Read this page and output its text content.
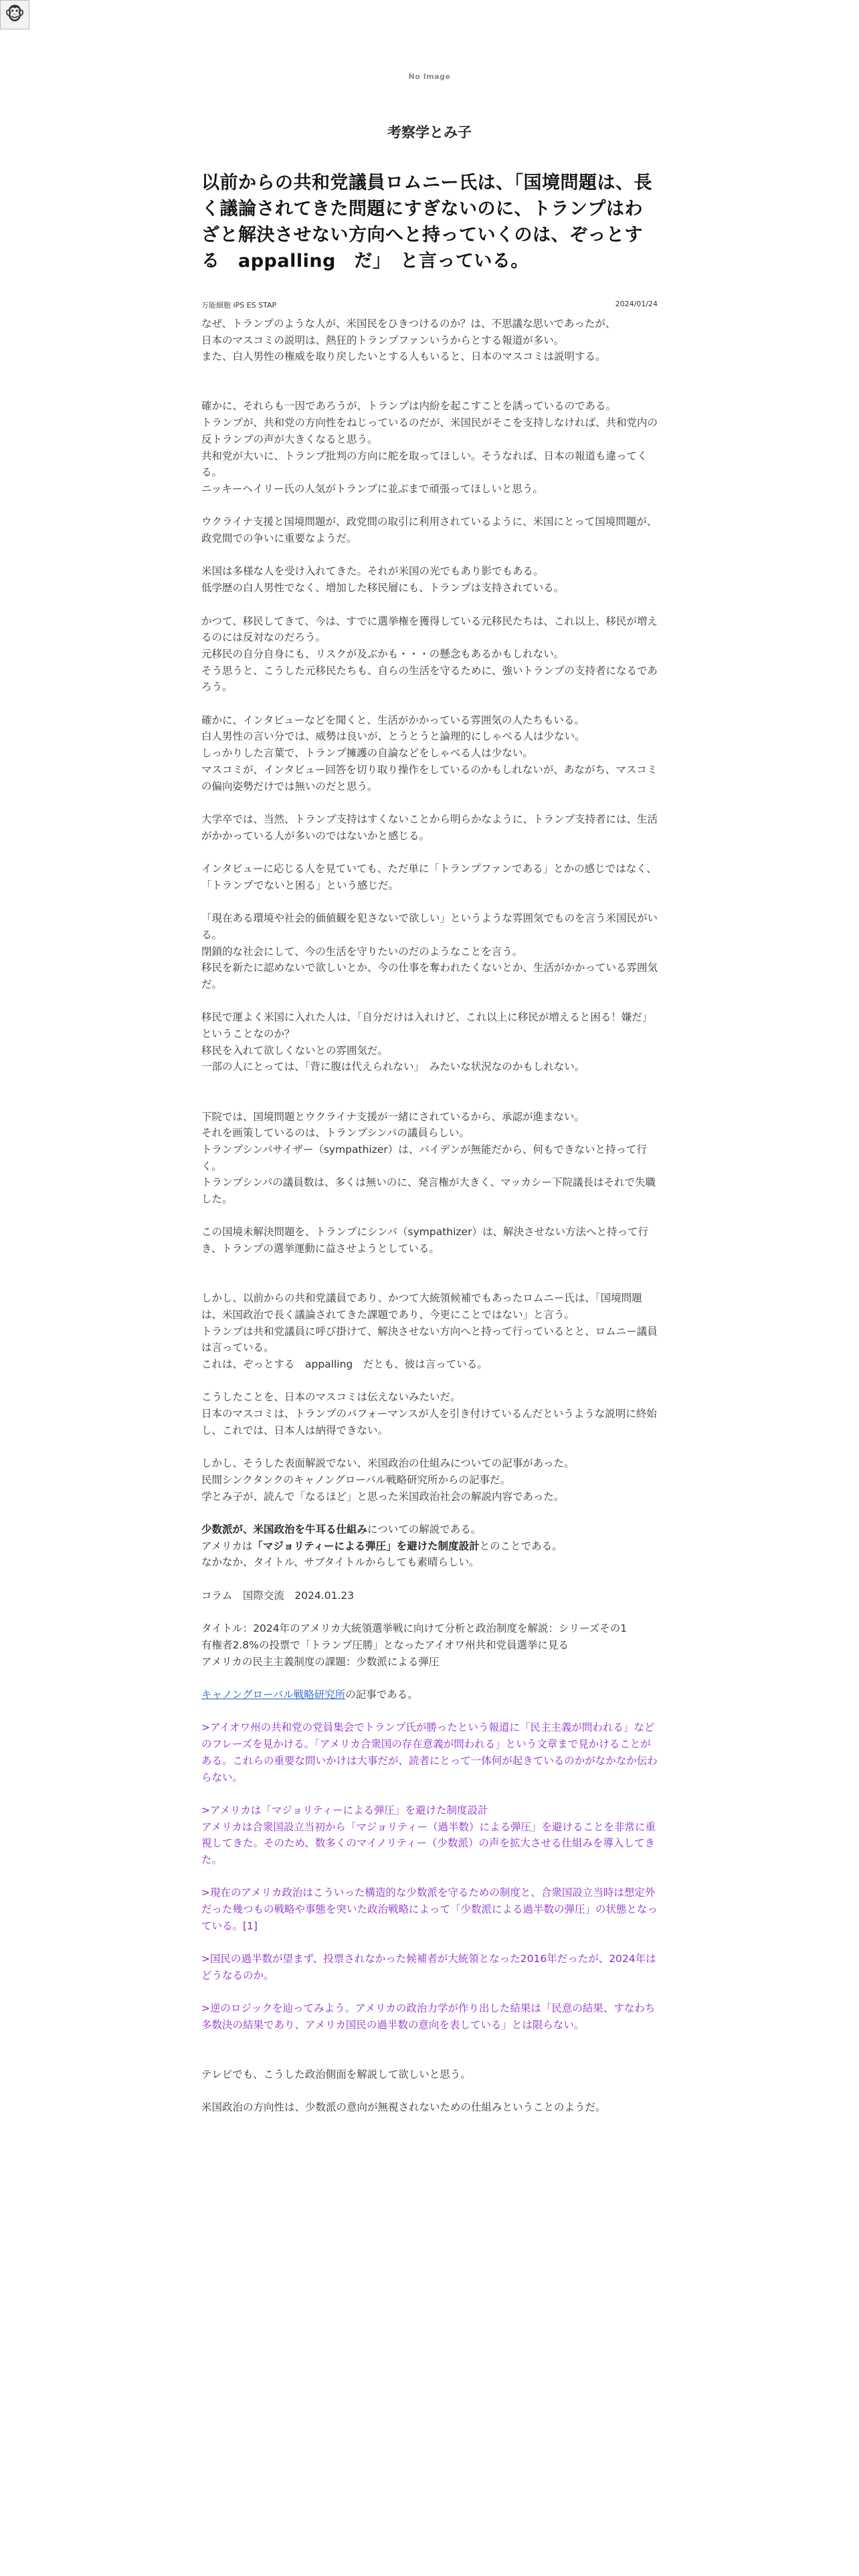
🐵
No Image
考察学とみ子
以前からの共和党議員ロムニー氏は、「国境問題は、長く議論されてきた問題にすぎないのに、トランプはわざと解決させない方向へと持っていくのは、ぞっとする　appalling　だ」　と言っている。
万能細胞 iPS ES STAP	2024/01/24

なぜ、トランプのような人が、米国民をひきつけるのか？は、不思議な思いであったが、

日本のマスコミの説明は、熱狂的トランプファンいうからとする報道が多い。

また、白人男性の権威を取り戻したいとする人もいると、日本のマスコミは説明する。

確かに、それらも一因であろうが、トランプは内紛を起こすことを誘っているのである。

トランプが、共和党の方向性をねじっているのだが、米国民がそこを支持しなければ、共和党内の反トランプの声が大きくなると思う。

共和党が大いに、トランプ批判の方向に舵を取ってほしい。そうなれば、日本の報道も違ってくる。

ニッキーヘイリー氏の人気がトランプに並ぶまで頑張ってほしいと思う。

ウクライナ支援と国境問題が、政党間の取引に利用されているように、米国にとって国境問題が、政党間での争いに重要なようだ。

米国は多様な人を受け入れてきた。それが米国の光でもあり影でもある。

低学歴の白人男性でなく、増加した移民層にも、トランプは支持されている。

かつて、移民してきて、今は、すでに選挙権を獲得している元移民たちは、これ以上、移民が増えるのには反対なのだろう。

元移民の自分自身にも、リスクが及ぶかも・・・の懸念もあるかもしれない。

そう思うと、こうした元移民たちも、自らの生活を守るために、強いトランプの支持者になるであろう。

確かに、インタビューなどを聞くと、生活がかかっている雰囲気の人たちもいる。

白人男性の言い分では、威勢は良いが、とうとうと論理的にしゃべる人は少ない。

しっかりした言葉で、トランプ擁護の自論などをしゃべる人は少ない。

マスコミが、インタビュー回答を切り取り操作をしているのかもしれないが、あながち、マスコミの偏向姿勢だけでは無いのだと思う。

大学卒では、当然、トランプ支持はすくないことから明らかなように、トランプ支持者には、生活がかかっている人が多いのではないかと感じる。

インタビューに応じる人を見ていても、ただ単に「トランプファンである」とかの感じではなく、「トランプでないと困る」という感じだ。

「現在ある環境や社会的価値観を犯さないで欲しい」というような雰囲気でものを言う米国民がいる。

閉鎖的な社会にして、今の生活を守りたいのだのようなことを言う。

移民を新たに認めないで欲しいとか、今の仕事を奪われたくないとか、生活がかかっている雰囲気だ。

移民で運よく米国に入れた人は、「自分だけは入れけど、これ以上に移民が増えると困る！嫌だ」　ということなのか？

移民を入れて欲しくないとの雰囲気だ。

一部の人にとっては、「背に腹は代えられない」　みたいな状況なのかもしれない。

下院では、国境問題とウクライナ支援が一緒にされているから、承認が進まない。

それを画策しているのは、トランプシンパの議員らしい。

トランプシンパサイザー（sympathizer）は、バイデンが無能だから、何もできないと持って行く。

トランプシンパの議員数は、多くは無いのに、発言権が大きく、マッカシー下院議長はそれで失職した。

この国境未解決問題を、トランプにシンパ（sympathizer）は、解決させない方法へと持って行き、トランプの選挙運動に益させようとしている。

しかし、以前からの共和党議員であり、かつて大統領候補でもあったロムニー氏は、「国境問題は、米国政治で長く議論されてきた課題であり、今更にことではない」と言う。

トランプは共和党議員に呼び掛けて、解決させない方向へと持って行っているとと、ロムニー議員は言っている。

これは、ぞっとする　appalling　だとも、彼は言っている。

こうしたことを、日本のマスコミは伝えないみたいだ。

日本のマスコミは、トランプのパフォーマンスが人を引き付けているんだというような説明に終始し、これでは、日本人は納得できない。

しかし、そうした表面解説でない、米国政治の仕組みについての記事があった。

民間シンクタンクのキャノングローバル戦略研究所からの記事だ。

学とみ子が、読んで「なるほど」と思った米国政治社会の解説内容であった。

少数派が、米国政治を牛耳る仕組みについての解説である。

アメリカは「マジョリティーによる弾圧」を避けた制度設計とのことである。

なかなか、タイトル、サブタイトルからしても素晴らしい。

コラム　国際交流　2024.01.23

タイトル：2024年のアメリカ大統領選挙戦に向けて分析と政治制度を解説：シリーズその1

有権者2.8%の投票で「トランプ圧勝」となったアイオワ州共和党員選挙に見る

アメリカの民主主義制度の課題：少数派による弾圧

キャノングローバル戦略研究所の記事である。

>アイオワ州の共和党の党員集会でトランプ氏が勝ったという報道に「民主主義が問われる」などのフレーズを見かける。「アメリカ合衆国の存在意義が問われる」という文章まで見かけることがある。これらの重要な問いかけは大事だが、読者にとって一体何が起きているのかがなかなか伝わらない。

>アメリカは「マジョリティーによる弾圧」を避けた制度設計

アメリカは合衆国設立当初から「マジョリティー（過半数）による弾圧」を避けることを非常に重視してきた。そのため、数多くのマイノリティー（少数派）の声を拡大させる仕組みを導入してきた。

>現在のアメリカ政治はこういった構造的な少数派を守るための制度と、合衆国設立当時は想定外だった幾つもの戦略や事態を突いた政治戦略によって「少数派による過半数の弾圧」の状態となっている。[1]

>国民の過半数が望まず、投票されなかった候補者が大統領となった2016年だったが、2024年はどうなるのか。

>逆のロジックを辿ってみよう。アメリカの政治力学が作り出した結果は「民意の結果、すなわち多数決の結果であり、アメリカ国民の過半数の意向を表している」とは限らない。

テレビでも、こうした政治側面を解説して欲しいと思う。

米国政治の方向性は、少数派の意向が無視されないための仕組みということのようだ。
